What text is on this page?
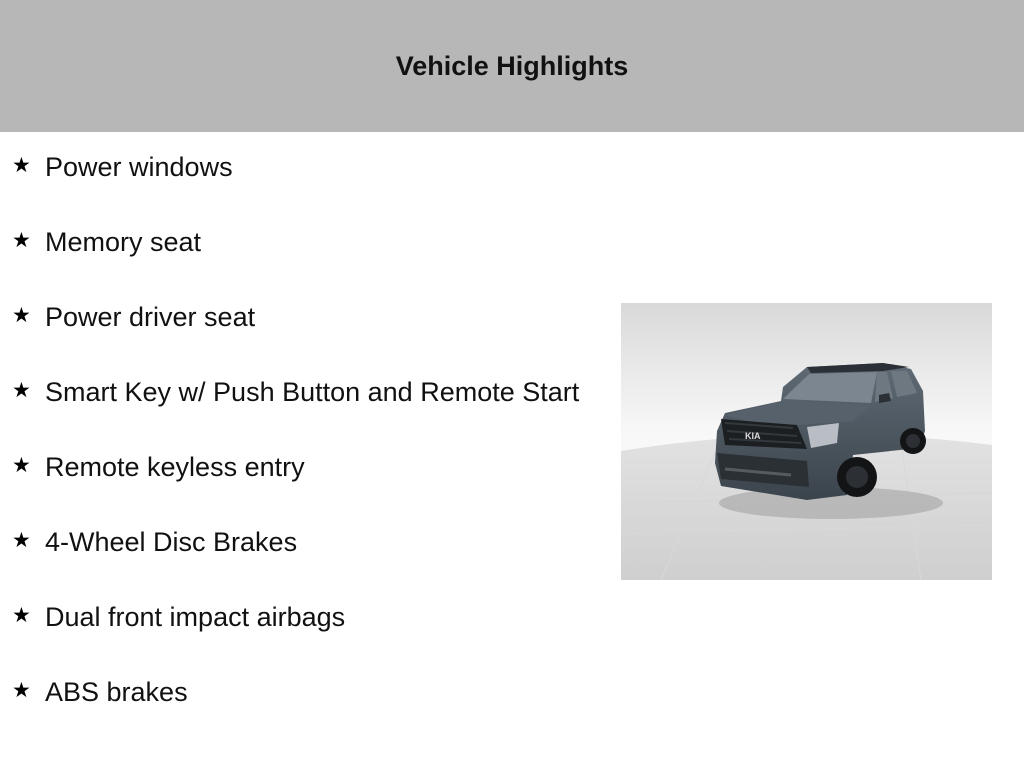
Vehicle Highlights
★ Power windows
★ Memory seat
★ Power driver seat
★ Smart Key w/ Push Button and Remote Start
★ Remote keyless entry
★ 4-Wheel Disc Brakes
★ Dual front impact airbags
★ ABS brakes
KIA
